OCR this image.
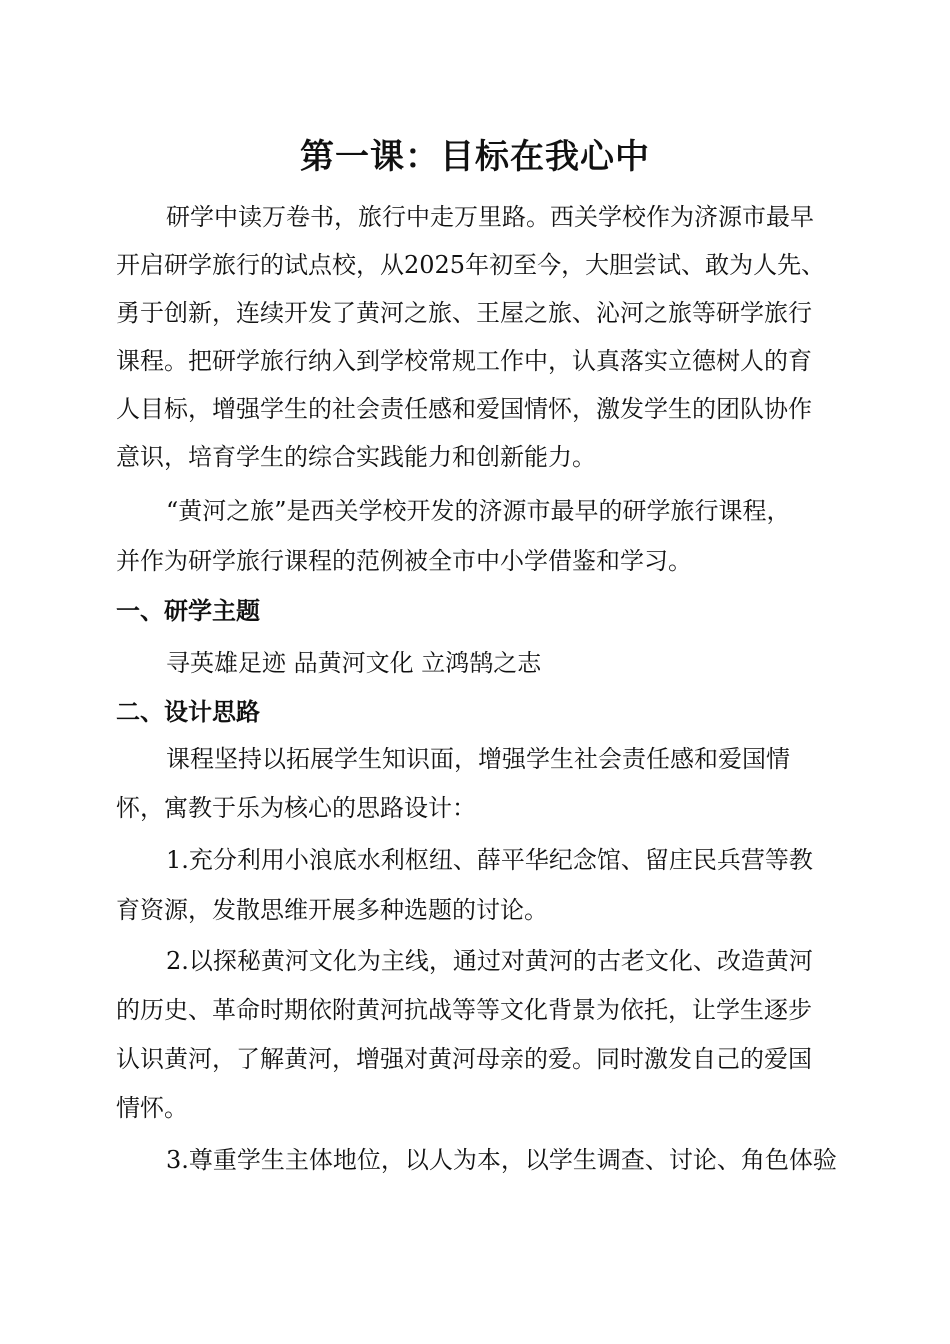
第一课：目标在我心中
研学中读万卷书，旅行中走万里路。西关学校作为济源市最早
开启研学旅行的试点校，从2025年初至今，大胆尝试、敢为人先、
勇于创新，连续开发了黄河之旅、王屋之旅、沁河之旅等研学旅行
课程。把研学旅行纳入到学校常规工作中，认真落实立德树人的育
人目标，增强学生的社会责任感和爱国情怀，激发学生的团队协作
意识，培育学生的综合实践能力和创新能力。
“黄河之旅”是西关学校开发的济源市最早的研学旅行课程，
并作为研学旅行课程的范例被全市中小学借鉴和学习。
一、研学主题
寻英雄足迹 品黄河文化 立鸿鹄之志
二、设计思路
课程坚持以拓展学生知识面，增强学生社会责任感和爱国情
怀，寓教于乐为核心的思路设计：
1.充分利用小浪底水利枢纽、薛平华纪念馆、留庄民兵营等教
育资源，发散思维开展多种选题的讨论。
2.以探秘黄河文化为主线，通过对黄河的古老文化、改造黄河
的历史、革命时期依附黄河抗战等等文化背景为依托，让学生逐步
认识黄河，了解黄河，增强对黄河母亲的爱。同时激发自己的爱国
情怀。
3.尊重学生主体地位，以人为本，以学生调查、讨论、角色体验
